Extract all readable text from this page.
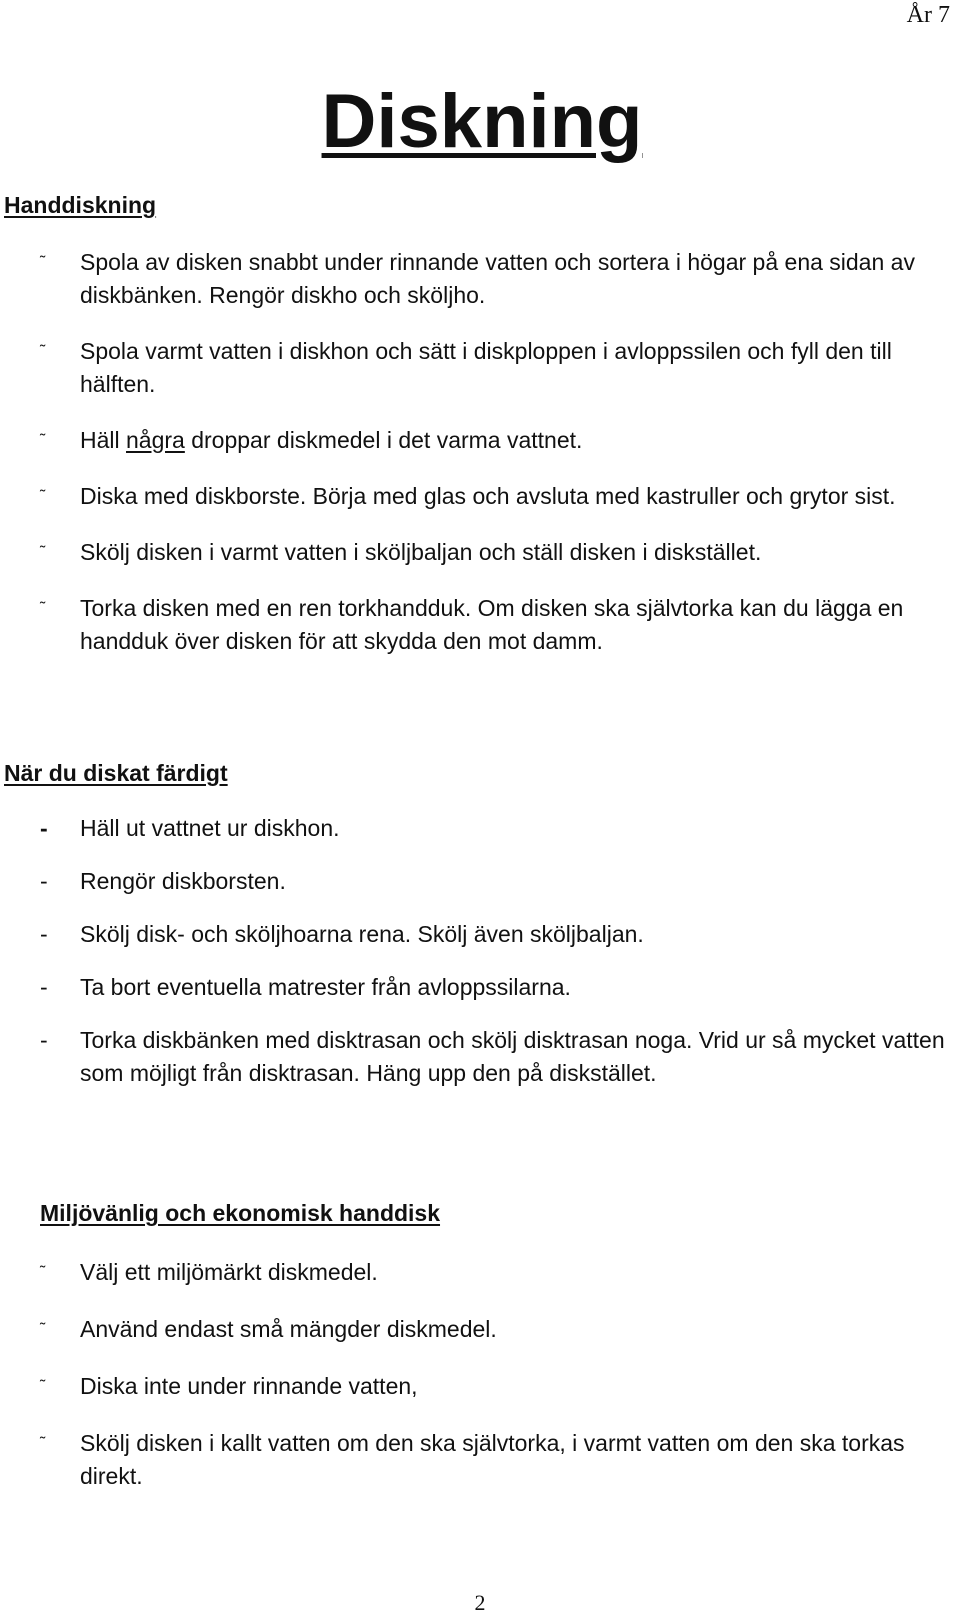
År 7
Diskning
Handdiskning
˜ Spola av disken snabbt under rinnande vatten och sortera i högar på ena sidan av diskbänken. Rengör diskho och sköljho.
˜ Spola varmt vatten i diskhon och sätt i diskploppen i avloppssilen och fyll den till hälften.
˜ Häll några droppar diskmedel i det varma vattnet.
˜ Diska med diskborste. Börja med glas och avsluta med kastruller och grytor sist.
˜ Skölj disken i varmt vatten i sköljbaljan och ställ disken i diskstället.
˜ Torka disken med en ren torkhandduk. Om disken ska självtorka kan du lägga en handduk över disken för att skydda den mot damm.
När du diskat färdigt
- Häll ut vattnet ur diskhon.
- Rengör diskborsten.
- Skölj disk- och sköljhoarna rena. Skölj även sköljbaljan.
- Ta bort eventuella matrester från avloppssilarna.
- Torka diskbänken med disktrasan och skölj disktrasan noga. Vrid ur så mycket vatten som möjligt från disktrasan. Häng upp den på diskstället.
Miljövänlig och ekonomisk handdisk
˜ Välj ett miljömärkt diskmedel.
˜ Använd endast små mängder diskmedel.
˜ Diska inte under rinnande vatten,
˜ Skölj disken i kallt vatten om den ska självtorka, i varmt vatten om den ska torkas direkt.
2
